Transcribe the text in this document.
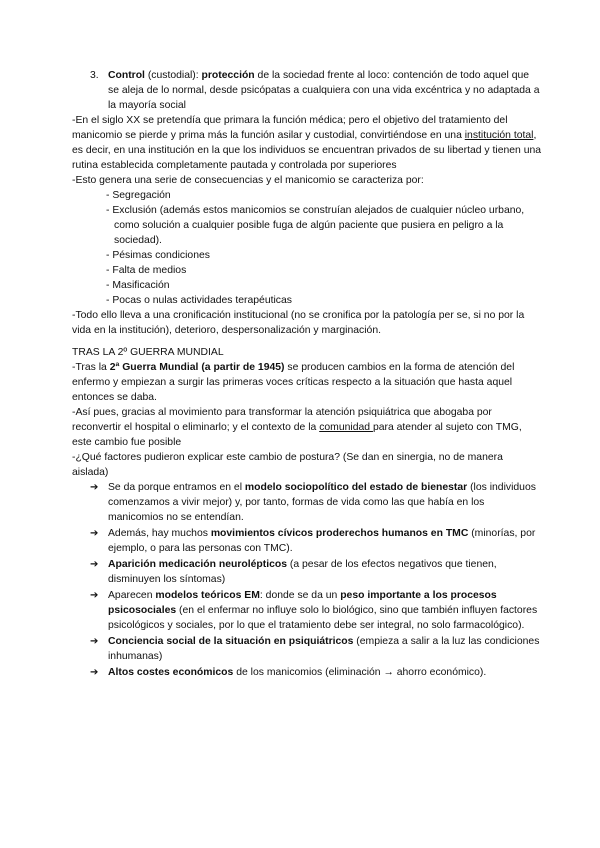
3. Control (custodial): protección de la sociedad frente al loco: contención de todo aquel que se aleja de lo normal, desde psicópatas a cualquiera con una vida excéntrica y no adaptada a la mayoría social

-En el siglo XX se pretendía que primara la función médica; pero el objetivo del tratamiento del manicomio se pierde y prima más la función asilar y custodial, convirtiéndose en una institución total, es decir, en una institución en la que los individuos se encuentran privados de su libertad y tienen una rutina establecida completamente pautada y controlada por superiores

-Esto genera una serie de consecuencias y el manicomio se caracteriza por:

- Segregación
- Exclusión (además estos manicomios se construían alejados de cualquier núcleo urbano, como solución a cualquier posible fuga de algún paciente que pusiera en peligro a la sociedad).
- Pésimas condiciones
- Falta de medios
- Masificación
- Pocas o nulas actividades terapéuticas

-Todo ello lleva a una cronificación institucional (no se cronifica por la patología per se, si no por la vida en la institución), deterioro, despersonalización y marginación.

TRAS LA 2º GUERRA MUNDIAL

-Tras la 2ª Guerra Mundial (a partir de 1945) se producen cambios en la forma de atención del enfermo y empiezan a surgir las primeras voces críticas respecto a la situación que hasta aquel entonces se daba.

-Así pues, gracias al movimiento para transformar la atención psiquiátrica que abogaba por reconvertir el hospital o eliminarlo; y el contexto de la comunidad para atender al sujeto con TMG, este cambio fue posible

-¿Qué factores pudieron explicar este cambio de postura? (Se dan en sinergia, no de manera aislada)

➔ Se da porque entramos en el modelo sociopolítico del estado de bienestar (los individuos comenzamos a vivir mejor) y, por tanto, formas de vida como las que había en los manicomios no se entendían.
➔ Además, hay muchos movimientos cívicos proderechos humanos en TMC (minorías, por ejemplo, o para las personas con TMC).
➔ Aparición medicación neurolépticos (a pesar de los efectos negativos que tienen, disminuyen los síntomas)
➔ Aparecen modelos teóricos EM: donde se da un peso importante a los procesos psicosociales (en el enfermar no influye solo lo biológico, sino que también influyen factores psicológicos y sociales, por lo que el tratamiento debe ser integral, no solo farmacológico).
➔ Conciencia social de la situación en psiquiátricos (empieza a salir a la luz las condiciones inhumanas)
➔ Altos costes económicos de los manicomios (eliminación → ahorro económico).
